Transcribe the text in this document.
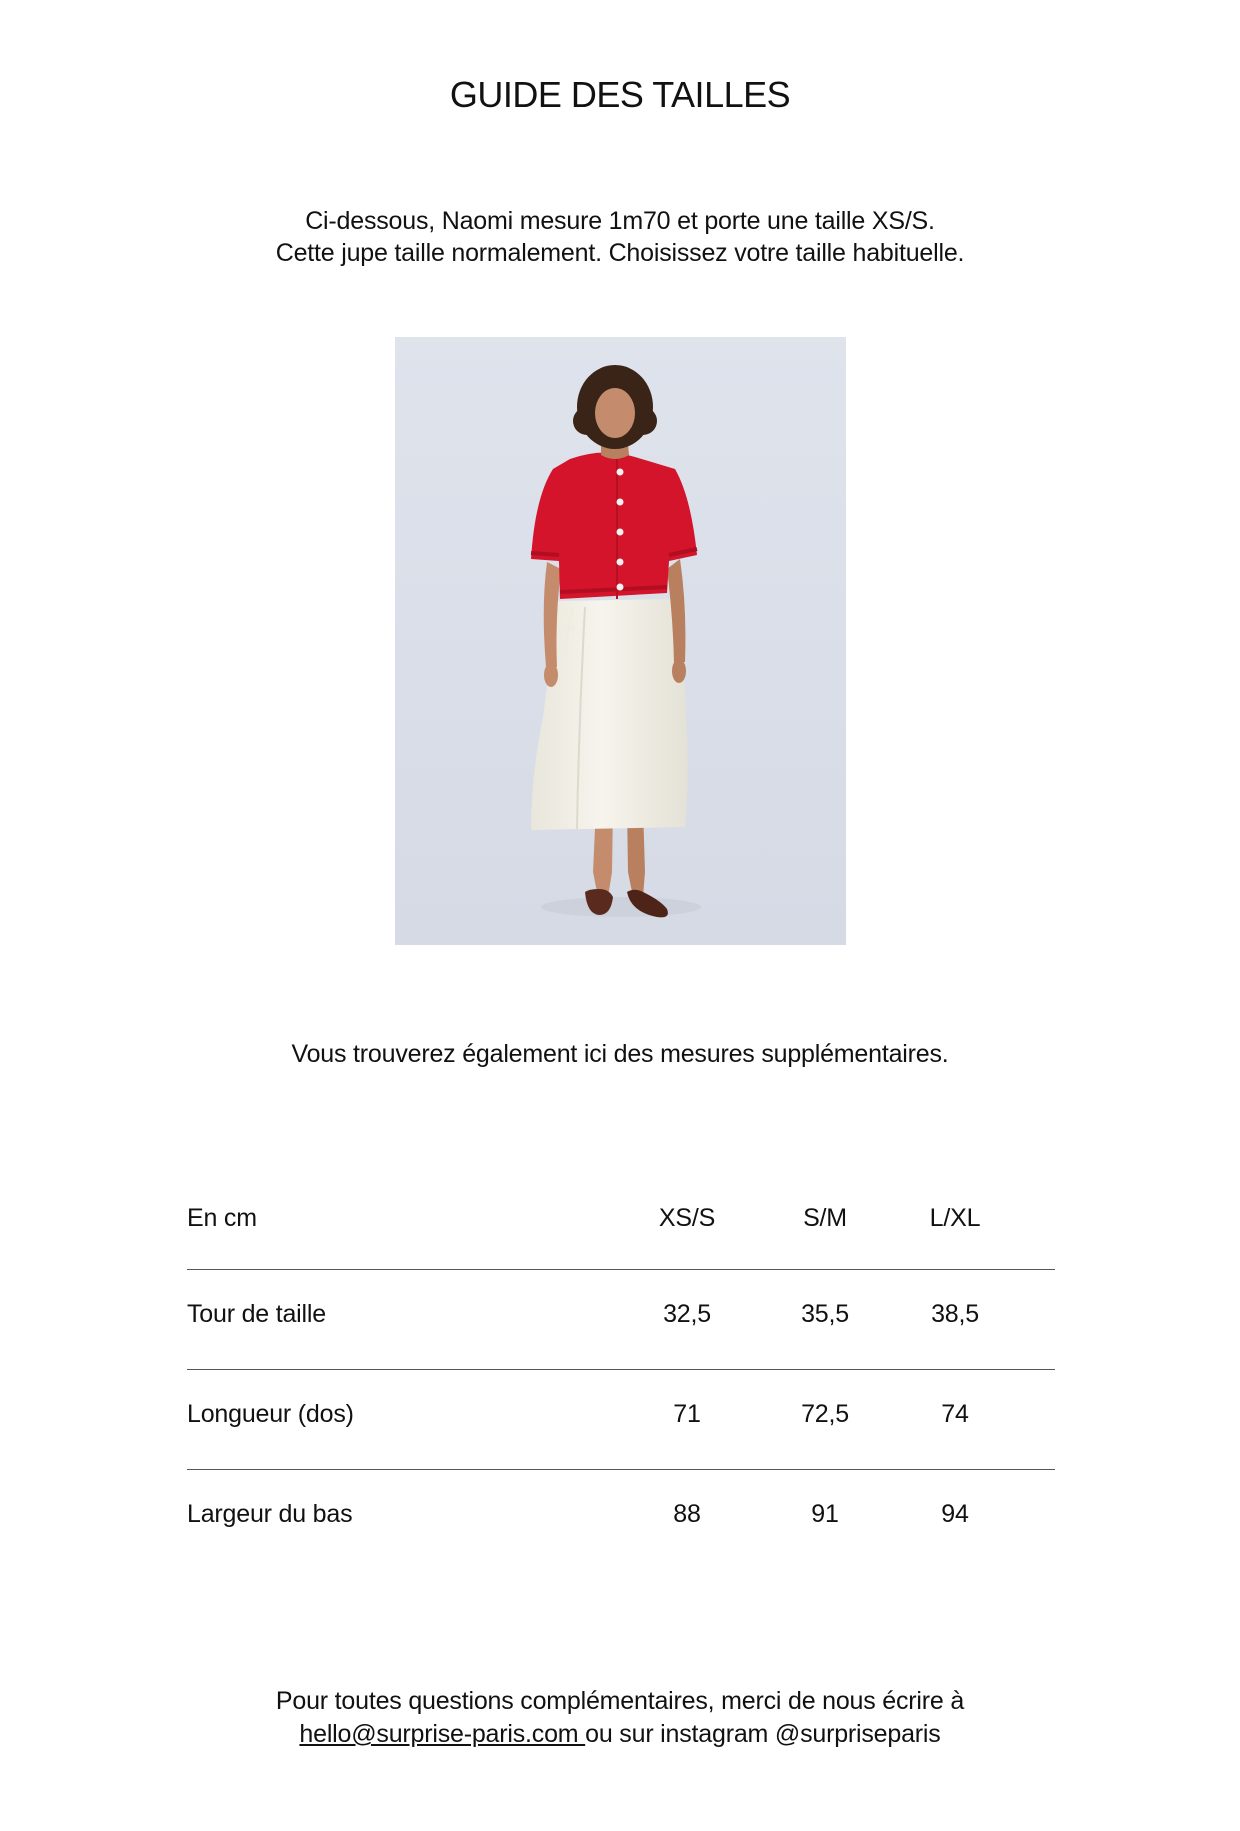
GUIDE DES TAILLES
Ci-dessous, Naomi mesure 1m70 et porte une taille XS/S.
Cette jupe taille normalement. Choisissez votre taille habituelle.
Vous trouverez également ici des mesures supplémentaires.
En cm	XS/S	S/M	L/XL
Tour de taille	32,5	35,5	38,5
Longueur (dos)	71	72,5	74
Largeur du bas	88	91	94
Pour toutes questions complémentaires, merci de nous écrire à
hello@surprise-paris.com ou sur instagram @surpriseparis
